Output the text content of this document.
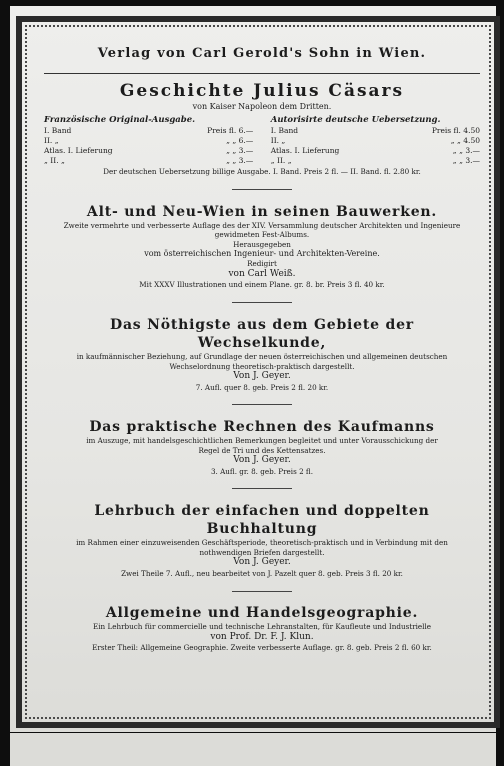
Verlag von Carl Gerold's Sohn in Wien.
Geschichte Julius Cäsars
von Kaiser Napoleon dem Dritten.
Französische Original-Ausgabe.
I. Band	Preis fl. 6.—
II. „	„ „ 6.—
Atlas. I. Lieferung	„ „ 3.—
„ II. „	„ „ 3.—
Autorisirte deutsche Uebersetzung.
I. Band	Preis fl. 4.50
II. „	„ „ 4.50
Atlas. I. Lieferung	„ „ 3.—
„ II. „	„ „ 3.—
Der deutschen Uebersetzung billige Ausgabe. I. Band. Preis 2 fl. — II. Band. fl. 2.80 kr.
Alt- und Neu-Wien in seinen Bauwerken.
Zweite vermehrte und verbesserte Auflage des der XIV. Versammlung deutscher Architekten und Ingenieure
gewidmeten Fest-Albums.
Herausgegeben
vom österreichischen Ingenieur- und Architekten-Vereine.
Redigirt
von Carl Weiß.
Mit XXXV Illustrationen und einem Plane. gr. 8. br. Preis 3 fl. 40 kr.
Das Nöthigste aus dem Gebiete der Wechselkunde,
in kaufmännischer Beziehung, auf Grundlage der neuen österreichischen und allgemeinen deutschen
Wechselordnung theoretisch-praktisch dargestellt.
Von J. Geyer.
7. Aufl. quer 8. geb. Preis 2 fl. 20 kr.
Das praktische Rechnen des Kaufmanns
im Auszuge, mit handelsgeschichtlichen Bemerkungen begleitet und unter Vorausschickung der
Regel de Tri und des Kettensatzes.
Von J. Geyer.
3. Aufl. gr. 8. geb. Preis 2 fl.
Lehrbuch der einfachen und doppelten Buchhaltung
im Rahmen einer einzuweisenden Geschäftsperiode, theoretisch-praktisch und in Verbindung mit den
nothwendigen Briefen dargestellt.
Von J. Geyer.
Zwei Theile 7. Aufl., neu bearbeitet von J. Pazelt quer 8. geb. Preis 3 fl. 20 kr.
Allgemeine und Handelsgeographie.
Ein Lehrbuch für commercielle und technische Lehranstalten, für Kaufleute und Industrielle
von Prof. Dr. F. J. Klun.
Erster Theil: Allgemeine Geographie. Zweite verbesserte Auflage. gr. 8. geb. Preis 2 fl. 60 kr.
